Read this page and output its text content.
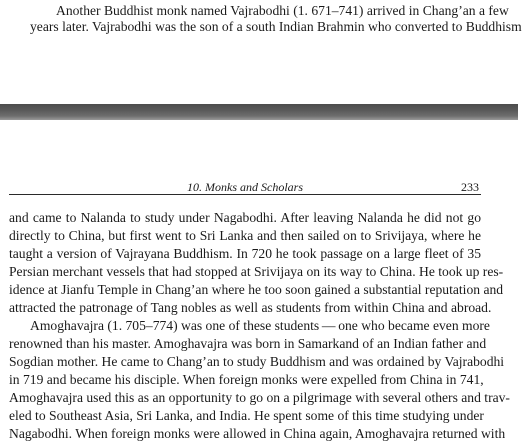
Another Buddhist monk named Vajrabodhi (1. 671–741) arrived in Chang’an a few
years later. Vajrabodhi was the son of a south Indian Brahmin who converted to Buddhism
10. Monks and Scholars	233
and came to Nalanda to study under Nagabodhi. After leaving Nalanda he did not go
directly to China, but first went to Sri Lanka and then sailed on to Srivijaya, where he
taught a version of Vajrayana Buddhism. In 720 he took passage on a large fleet of 35
Persian merchant vessels that had stopped at Srivijaya on its way to China. He took up res-
idence at Jianfu Temple in Chang’an where he too soon gained a substantial reputation and
attracted the patronage of Tang nobles as well as students from within China and abroad.
Amoghavajra (1. 705–774) was one of these students — one who became even more
renowned than his master. Amoghavajra was born in Samarkand of an Indian father and
Sogdian mother. He came to Chang’an to study Buddhism and was ordained by Vajrabodhi
in 719 and became his disciple. When foreign monks were expelled from China in 741,
Amoghavajra used this as an opportunity to go on a pilgrimage with several others and trav-
eled to Southeast Asia, Sri Lanka, and India. He spent some of this time studying under
Nagabodhi. When foreign monks were allowed in China again, Amoghavajra returned with
